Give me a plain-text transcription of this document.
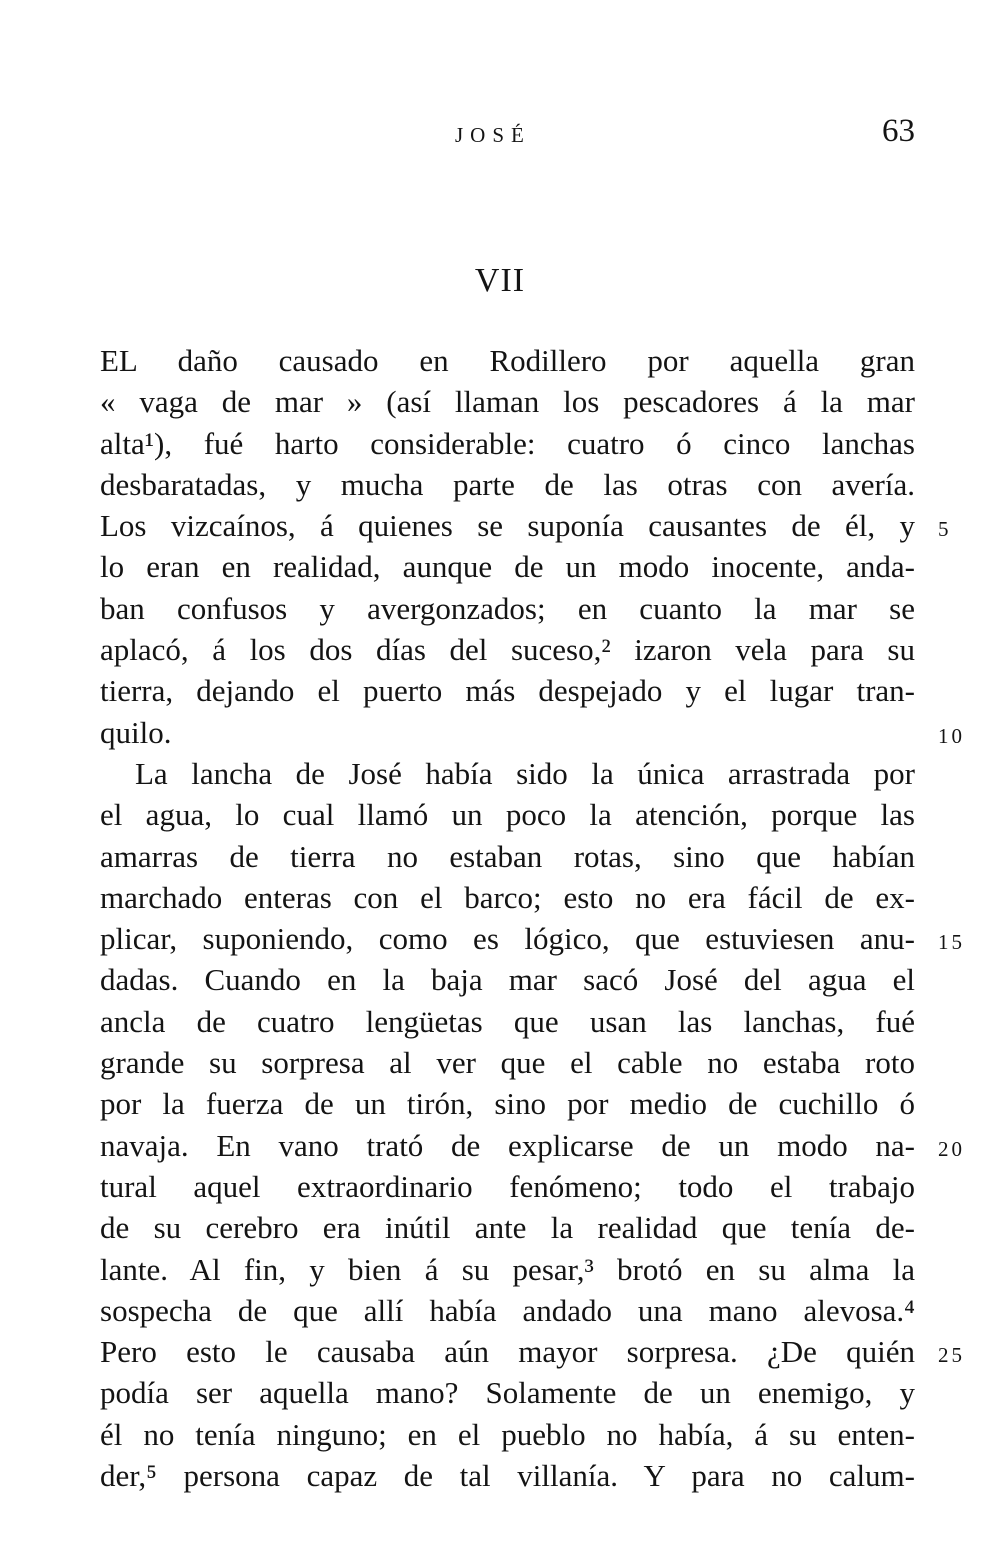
JOSÉ	63
VII
EL daño causado en Rodillero por aquella gran
« vaga de mar » (así llaman los pescadores á la mar
alta¹), fué harto considerable: cuatro ó cinco lanchas
desbaratadas, y mucha parte de las otras con avería.
Los vizcaínos, á quienes se suponía causantes de él, y 5
lo eran en realidad, aunque de un modo inocente, anda-
ban confusos y avergonzados; en cuanto la mar se
aplacó, á los dos días del suceso,² izaron vela para su
tierra, dejando el puerto más despejado y el lugar tran-
quilo.	10
La lancha de José había sido la única arrastrada por
el agua, lo cual llamó un poco la atención, porque las
amarras de tierra no estaban rotas, sino que habían
marchado enteras con el barco; esto no era fácil de ex-
plicar, suponiendo, como es lógico, que estuviesen anu- 15
dadas. Cuando en la baja mar sacó José del agua el
ancla de cuatro lengüetas que usan las lanchas, fué
grande su sorpresa al ver que el cable no estaba roto
por la fuerza de un tirón, sino por medio de cuchillo ó
navaja. En vano trató de explicarse de un modo na- 20
tural aquel extraordinario fenómeno; todo el trabajo
de su cerebro era inútil ante la realidad que tenía de-
lante. Al fin, y bien á su pesar,³ brotó en su alma la
sospecha de que allí había andado una mano alevosa.⁴
Pero esto le causaba aún mayor sorpresa. ¿De quién 25
podía ser aquella mano? Solamente de un enemigo, y
él no tenía ninguno; en el pueblo no había, á su enten-
der,⁵ persona capaz de tal villanía. Y para no calum-
